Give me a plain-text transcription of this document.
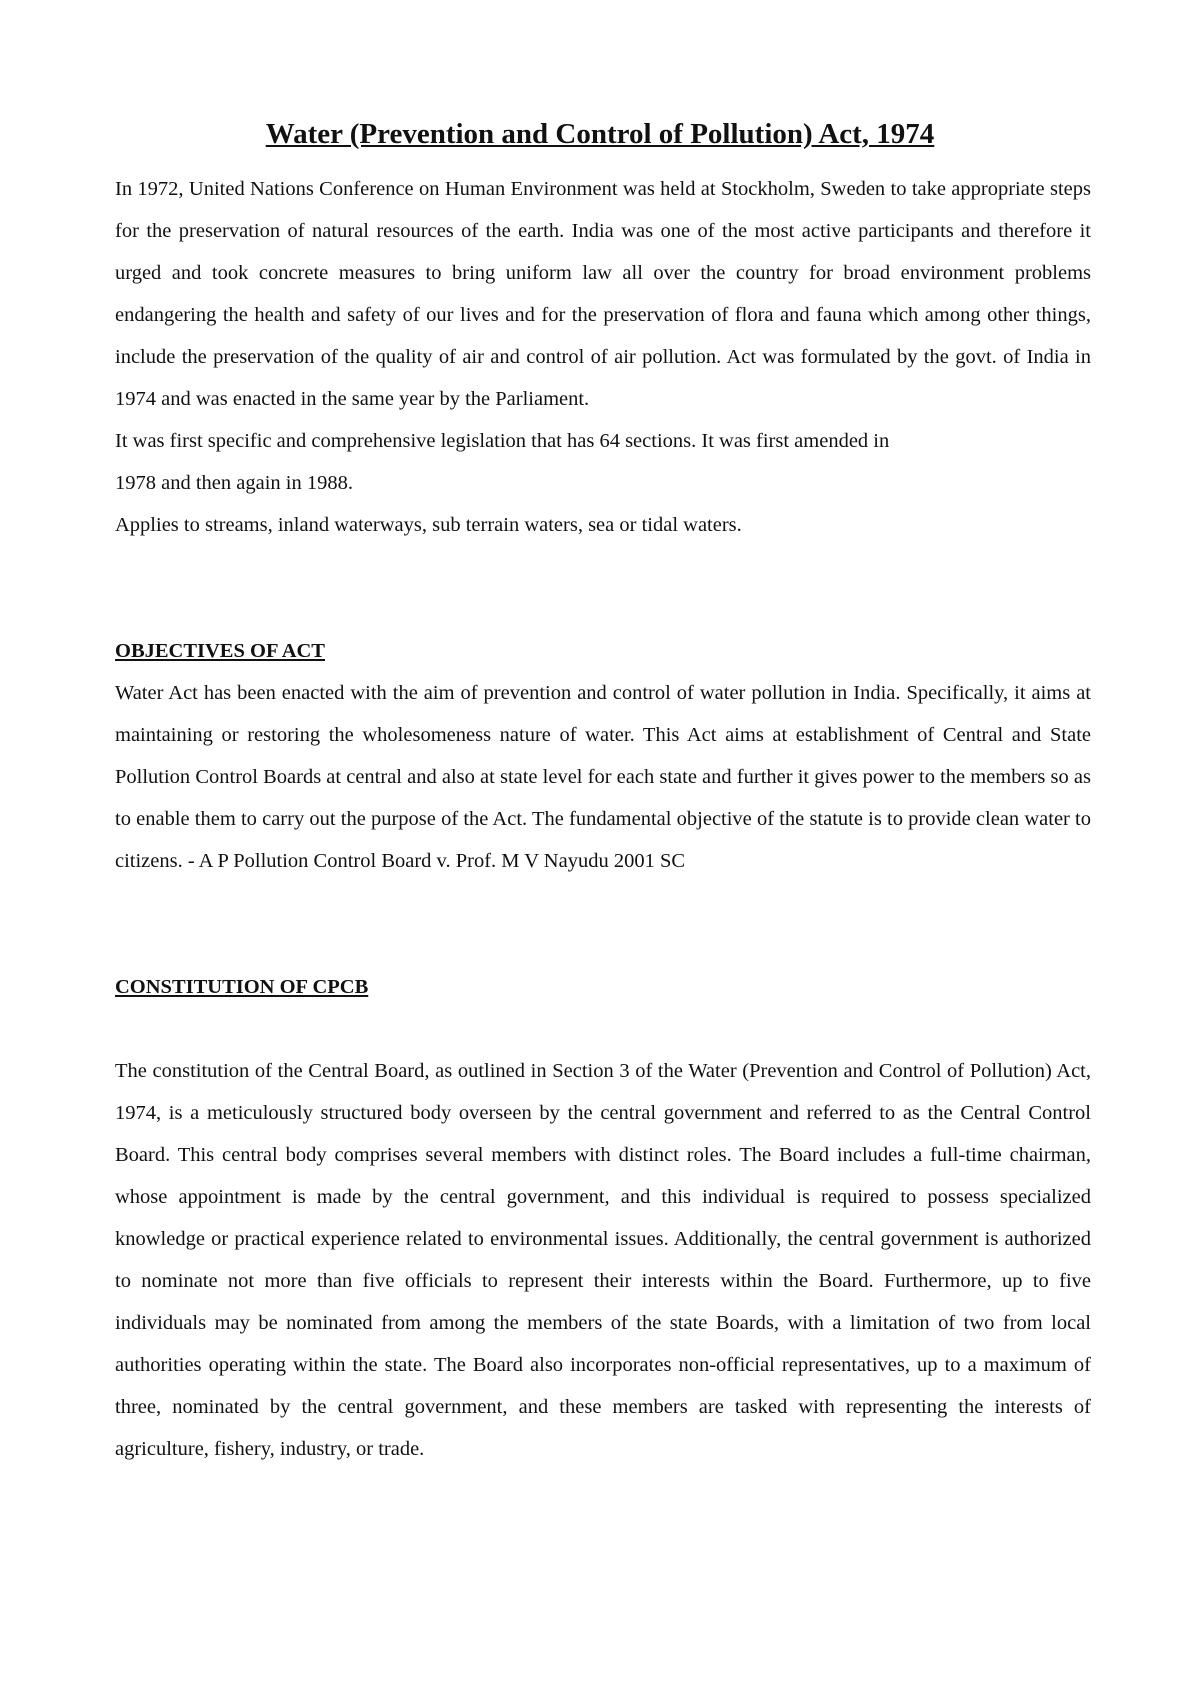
Water (Prevention and Control of Pollution) Act, 1974

In 1972, United Nations Conference on Human Environment was held at Stockholm, Sweden to take appropriate steps for the preservation of natural resources of the earth. India was one of the most active participants and therefore it urged and took concrete measures to bring uniform law all over the country for broad environment problems endangering the health and safety of our lives and for the preservation of flora and fauna which among other things, include the preservation of the quality of air and control of air pollution. Act was formulated by the govt. of India in 1974 and was enacted in the same year by the Parliament.

It was first specific and comprehensive legislation that has 64 sections. It was first amended in

1978 and then again in 1988.

Applies to streams, inland waterways, sub terrain waters, sea or tidal waters.

OBJECTIVES OF ACT

Water Act has been enacted with the aim of prevention and control of water pollution in India. Specifically, it aims at maintaining or restoring the wholesomeness nature of water. This Act aims at establishment of Central and State Pollution Control Boards at central and also at state level for each state and further it gives power to the members so as to enable them to carry out the purpose of the Act. The fundamental objective of the statute is to provide clean water to citizens. - A P Pollution Control Board v. Prof. M V Nayudu 2001 SC

CONSTITUTION OF CPCB

The constitution of the Central Board, as outlined in Section 3 of the Water (Prevention and Control of Pollution) Act, 1974, is a meticulously structured body overseen by the central government and referred to as the Central Control Board. This central body comprises several members with distinct roles. The Board includes a full-time chairman, whose appointment is made by the central government, and this individual is required to possess specialized knowledge or practical experience related to environmental issues. Additionally, the central government is authorized to nominate not more than five officials to represent their interests within the Board. Furthermore, up to five individuals may be nominated from among the members of the state Boards, with a limitation of two from local authorities operating within the state. The Board also incorporates non-official representatives, up to a maximum of three, nominated by the central government, and these members are tasked with representing the interests of agriculture, fishery, industry, or trade.
